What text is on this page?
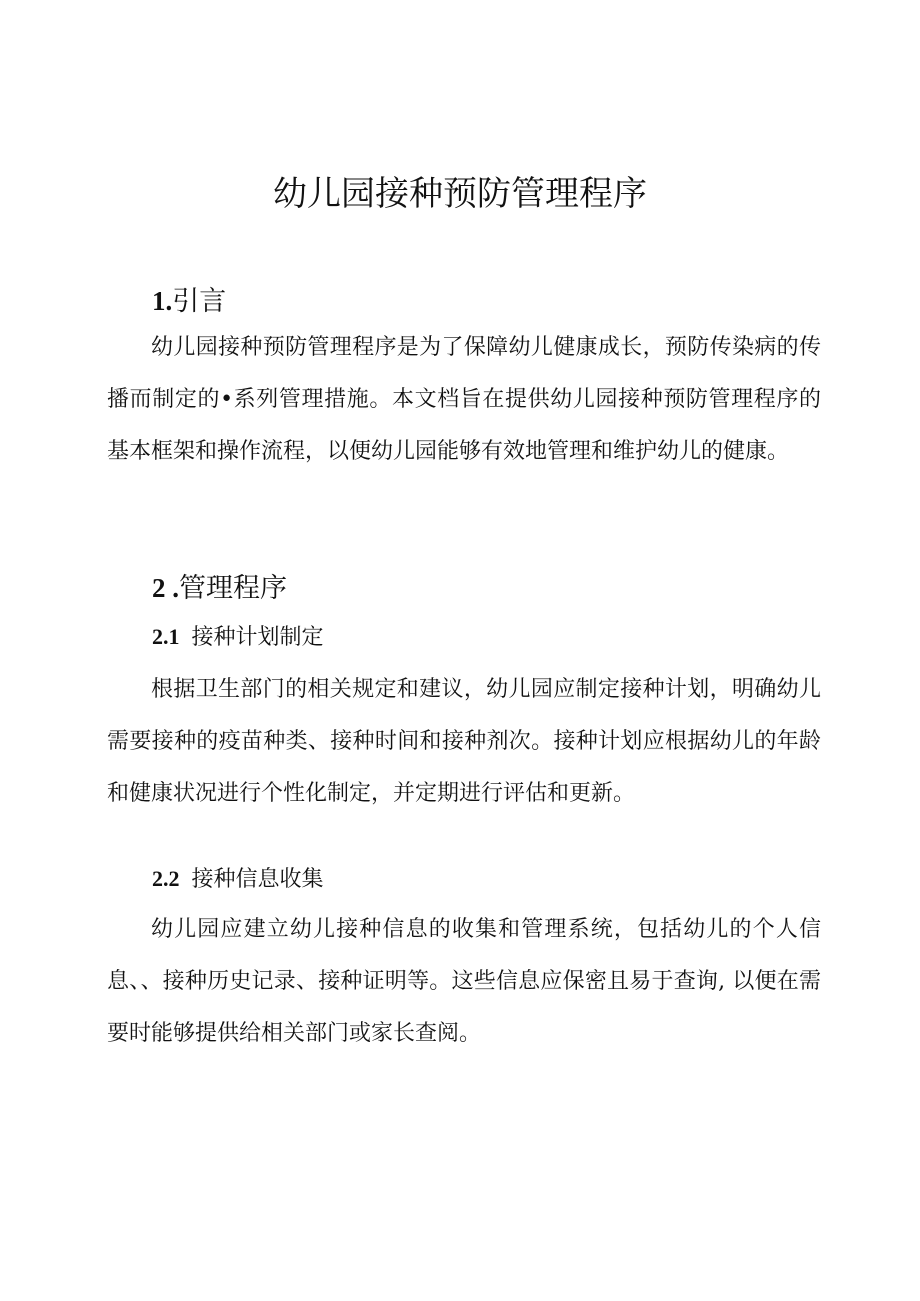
幼儿园接种预防管理程序
1.引言

幼儿园接种预防管理程序是为了保障幼儿健康成长，预防传染病的传播而制定的•系列管理措施。本文档旨在提供幼儿园接种预防管理程序的基本框架和操作流程，以便幼儿园能够有效地管理和维护幼儿的健康。

2 .管理程序
2.1 接种计划制定

根据卫生部门的相关规定和建议，幼儿园应制定接种计划，明确幼儿需要接种的疫苗种类、接种时间和接种剂次。接种计划应根据幼儿的年龄和健康状况进行个性化制定，并定期进行评估和更新。

2.2 接种信息收集

幼儿园应建立幼儿接种信息的收集和管理系统，包括幼儿的个人信息、、接种历史记录、接种证明等。这些信息应保密且易于查询, 以便在需要时能够提供给相关部门或家长查阅。
